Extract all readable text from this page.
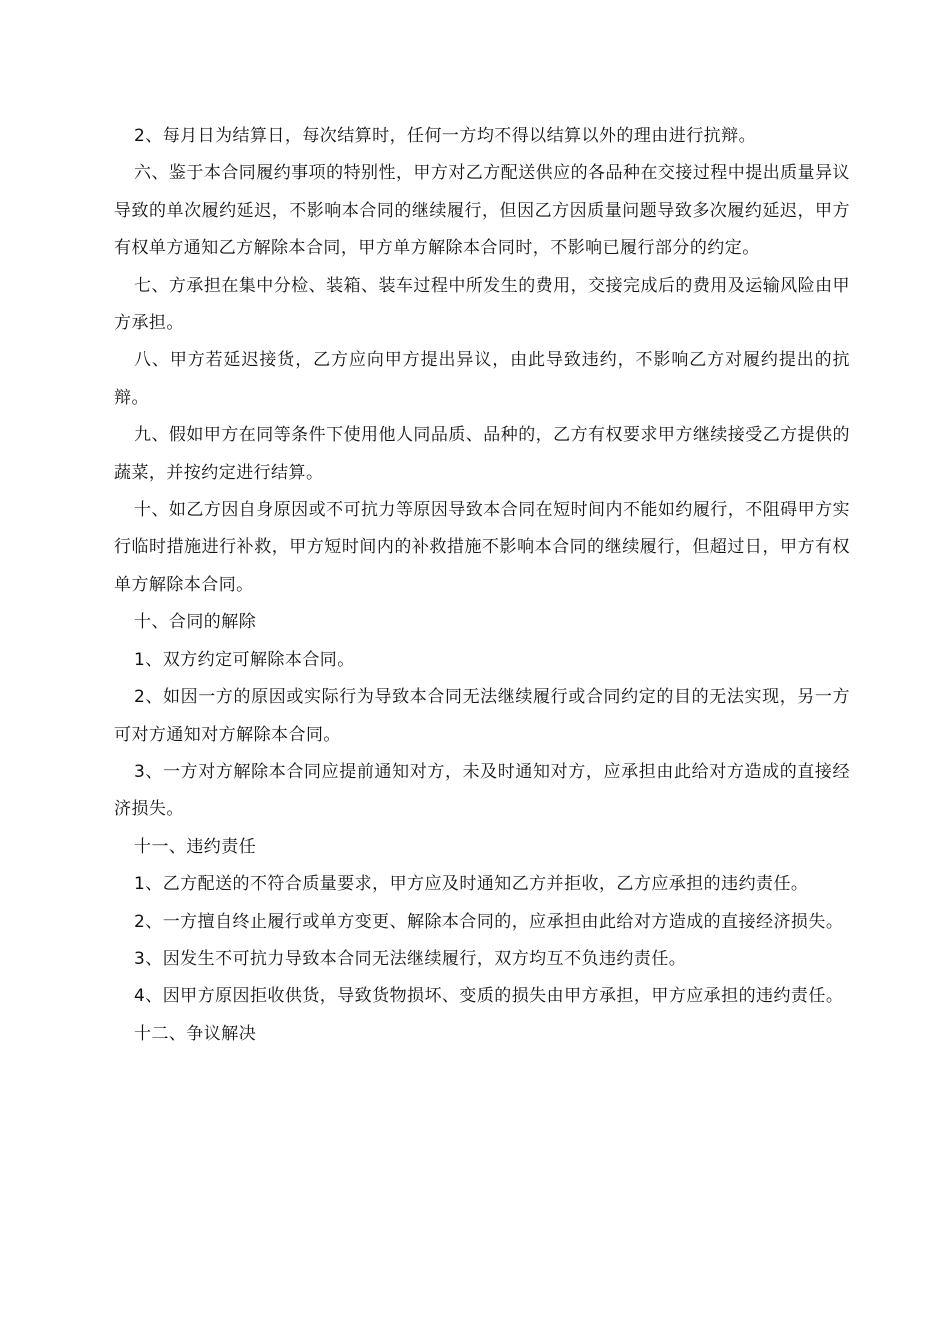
2、每月日为结算日，每次结算时，任何一方均不得以结算以外的理由进行抗辩。

六、鉴于本合同履约事项的特别性，甲方对乙方配送供应的各品种在交接过程中提出质量异议导致的单次履约延迟，不影响本合同的继续履行，但因乙方因质量问题导致多次履约延迟，甲方有权单方通知乙方解除本合同，甲方单方解除本合同时，不影响已履行部分的约定。

七、方承担在集中分检、装箱、装车过程中所发生的费用，交接完成后的费用及运输风险由甲方承担。

八、甲方若延迟接货，乙方应向甲方提出异议，由此导致违约，不影响乙方对履约提出的抗辩。

九、假如甲方在同等条件下使用他人同品质、品种的，乙方有权要求甲方继续接受乙方提供的蔬菜，并按约定进行结算。

十、如乙方因自身原因或不可抗力等原因导致本合同在短时间内不能如约履行，不阻碍甲方实行临时措施进行补救，甲方短时间内的补救措施不影响本合同的继续履行，但超过日，甲方有权单方解除本合同。

十、合同的解除

1、双方约定可解除本合同。

2、如因一方的原因或实际行为导致本合同无法继续履行或合同约定的目的无法实现，另一方可对方通知对方解除本合同。

3、一方对方解除本合同应提前通知对方，未及时通知对方，应承担由此给对方造成的直接经济损失。

十一、违约责任

1、乙方配送的不符合质量要求，甲方应及时通知乙方并拒收，乙方应承担的违约责任。

2、一方擅自终止履行或单方变更、解除本合同的，应承担由此给对方造成的直接经济损失。

3、因发生不可抗力导致本合同无法继续履行，双方均互不负违约责任。

4、因甲方原因拒收供货，导致货物损坏、变质的损失由甲方承担，甲方应承担的违约责任。

十二、争议解决
